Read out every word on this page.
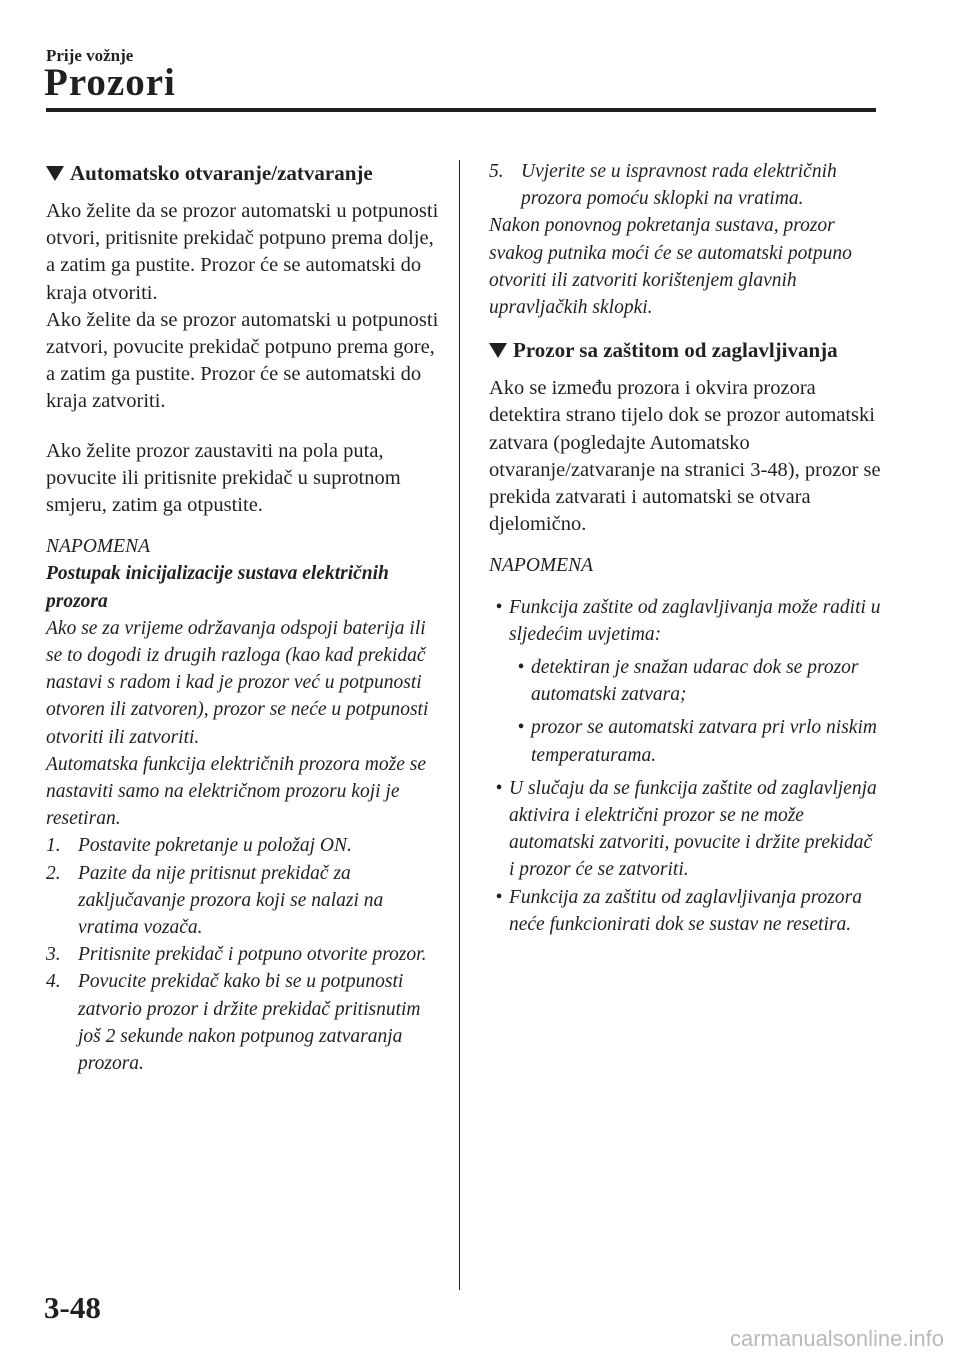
Prije vožnje
Prozori
Automatsko otvaranje/zatvaranje

Ako želite da se prozor automatski u potpunosti otvori, pritisnite prekidač potpuno prema dolje, a zatim ga pustite. Prozor će se automatski do kraja otvoriti.

Ako želite da se prozor automatski u potpunosti zatvori, povucite prekidač potpuno prema gore, a zatim ga pustite. Prozor će se automatski do kraja zatvoriti.

Ako želite prozor zaustaviti na pola puta, povucite ili pritisnite prekidač u suprotnom smjeru, zatim ga otpustite.

NAPOMENA

Postupak inicijalizacije sustava električnih prozora

Ako se za vrijeme održavanja odspoji baterija ili se to dogodi iz drugih razloga (kao kad prekidač nastavi s radom i kad je prozor već u potpunosti otvoren ili zatvoren), prozor se neće u potpunosti otvoriti ili zatvoriti.

Automatska funkcija električnih prozora može se nastaviti samo na električnom prozoru koji je resetiran.

1. Postavite pokretanje u položaj ON.
2. Pazite da nije pritisnut prekidač za zaključavanje prozora koji se nalazi na vratima vozača.
3. Pritisnite prekidač i potpuno otvorite prozor.
4. Povucite prekidač kako bi se u potpunosti zatvorio prozor i držite prekidač pritisnutim još 2 sekunde nakon potpunog zatvaranja prozora.
5. Uvjerite se u ispravnost rada električnih prozora pomoću sklopki na vratima.

Nakon ponovnog pokretanja sustava, prozor svakog putnika moći će se automatski potpuno otvoriti ili zatvoriti korištenjem glavnih upravljačkih sklopki.

Prozor sa zaštitom od zaglavljivanja

Ako se između prozora i okvira prozora detektira strano tijelo dok se prozor automatski zatvara (pogledajte Automatsko otvaranje/zatvaranje na stranici 3-48), prozor se prekida zatvarati i automatski se otvara djelomično.

NAPOMENA

• Funkcija zaštite od zaglavljivanja može raditi u sljedećim uvjetima:
• detektiran je snažan udarac dok se prozor automatski zatvara;
• prozor se automatski zatvara pri vrlo niskim temperaturama.
• U slučaju da se funkcija zaštite od zaglavljenja aktivira i električni prozor se ne može automatski zatvoriti, povucite i držite prekidač i prozor će se zatvoriti.
• Funkcija za zaštitu od zaglavljivanja prozora neće funkcionirati dok se sustav ne resetira.
3-48
carmanualsonline.info
